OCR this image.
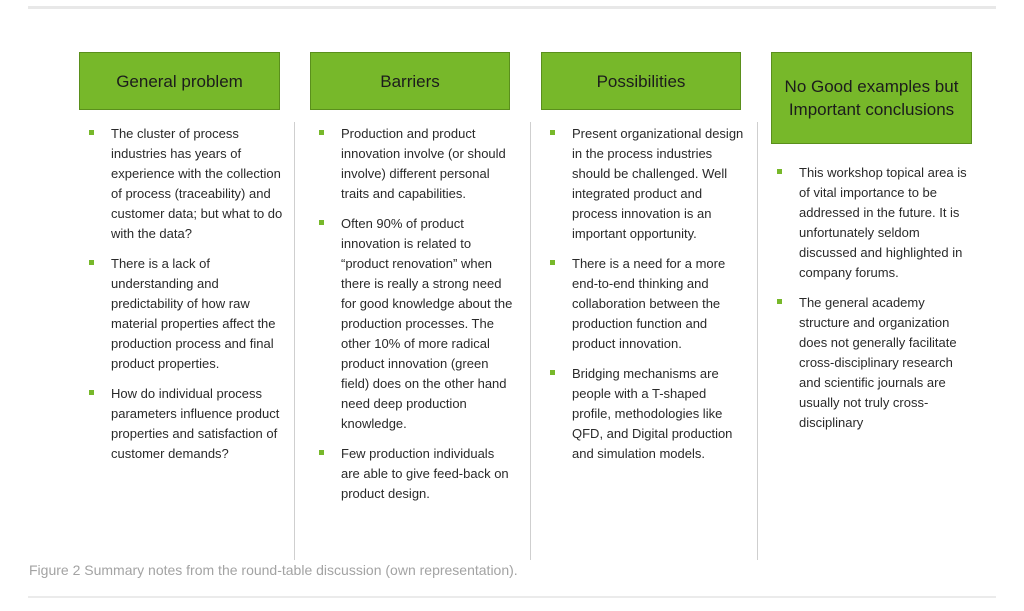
General problem
The cluster of process industries has years of experience with the collection of process (traceability) and customer data; but what to do with the data?
There is a lack of understanding and predictability of how raw material properties affect the production process and final product properties.
How do individual process parameters influence product properties and satisfaction of customer demands?
Barriers
Production and product innovation involve (or should involve) different personal traits and capabilities.
Often 90% of product innovation is related to “product renovation” when there is really a strong need for good knowledge about the production processes. The other 10% of more radical product innovation (green field) does on the other hand need deep production knowledge.
Few production individuals are able to give feed-back on product design.
Possibilities
Present organizational design in the process industries should be challenged. Well integrated product and process innovation is an important opportunity.
There is a need for a more end-to-end thinking and collaboration between the production function and product innovation.
Bridging mechanisms are people with a T-shaped profile, methodologies like QFD, and Digital production and simulation models.
No Good examples but Important conclusions
This workshop topical area is of vital importance to be addressed in the future. It is unfortunately seldom discussed and highlighted in company forums.
The general academy structure and organization does not generally facilitate cross-disciplinary research and scientific journals are usually not truly cross-disciplinary
Figure 2 Summary notes from the round-table discussion (own representation).
